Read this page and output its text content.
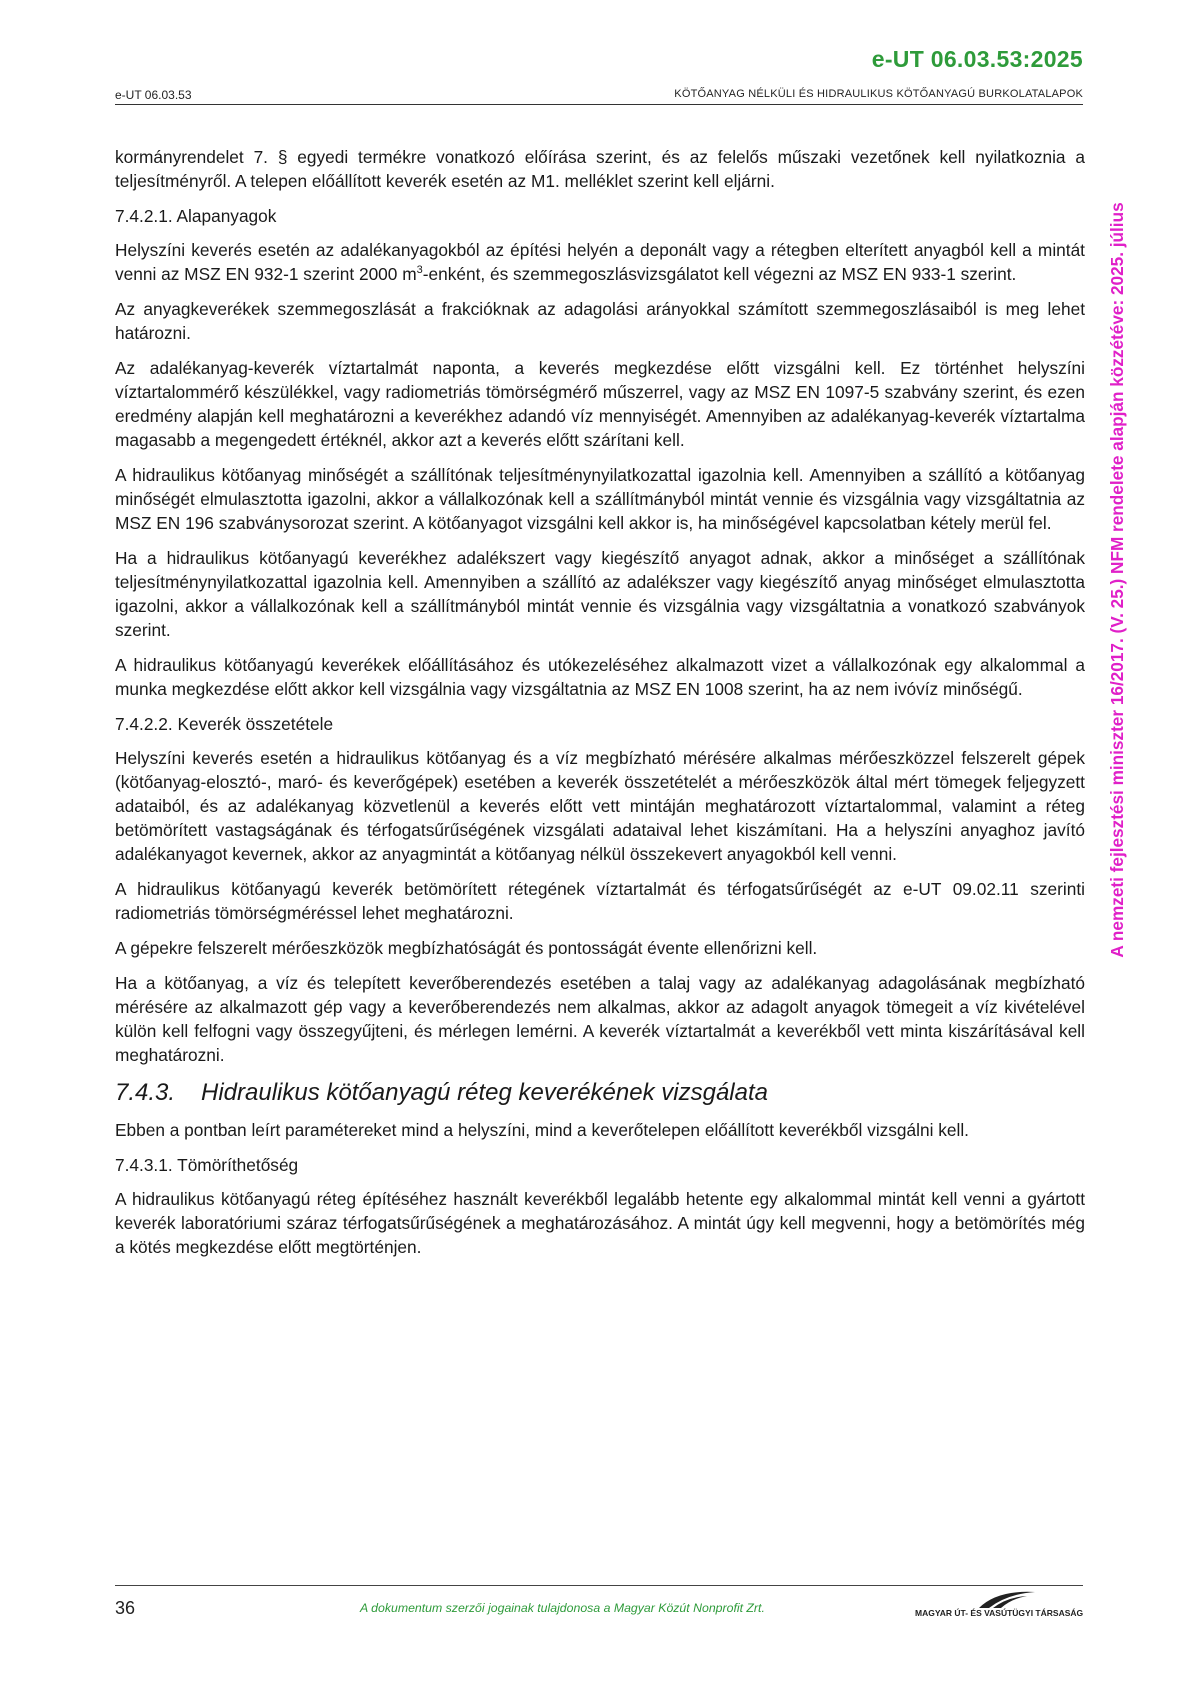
e-UT 06.03.53:2025
e-UT 06.03.53	KÖTŐANYAG NÉLKÜLI ÉS HIDRAULIKUS KÖTŐANYAGÚ BURKOLATALAPOK
A nemzeti fejlesztési miniszter 16/2017. (V. 25.) NFM rendelete alapján közzétéve: 2025. július

kormányrendelet 7. § egyedi termékre vonatkozó előírása szerint, és az felelős műszaki vezetőnek kell nyilatkoznia a teljesítményről. A telepen előállított keverék esetén az M1. melléklet szerint kell eljárni.

7.4.2.1. Alapanyagok

Helyszíni keverés esetén az adalékanyagokból az építési helyén a deponált vagy a rétegben elterített anyagból kell a mintát venni az MSZ EN 932-1 szerint 2000 $m^3$-enként, és szemmegoszlásvizsgálatot kell végezni az MSZ EN 933-1 szerint.

Az anyagkeverékek szemmegoszlását a frakcióknak az adagolási arányokkal számított szemmegoszlásaiból is meg lehet határozni.

Az adalékanyag-keverék víztartalmát naponta, a keverés megkezdése előtt vizsgálni kell. Ez történhet helyszíni víztartalommérő készülékkel, vagy radiometriás tömörségmérő műszerrel, vagy az MSZ EN 1097-5 szabvány szerint, és ezen eredmény alapján kell meghatározni a keverékhez adandó víz mennyiségét. Amennyiben az adalékanyag-keverék víztartalma magasabb a megengedett értéknél, akkor azt a keverés előtt szárítani kell.

A hidraulikus kötőanyag minőségét a szállítónak teljesítménynyilatkozattal igazolnia kell. Amennyiben a szállító a kötőanyag minőségét elmulasztotta igazolni, akkor a vállalkozónak kell a szállítmányból mintát vennie és vizsgálnia vagy vizsgáltatnia az MSZ EN 196 szabványsorozat szerint. A kötőanyagot vizsgálni kell akkor is, ha minőségével kapcsolatban kétely merül fel.

Ha a hidraulikus kötőanyagú keverékhez adalékszert vagy kiegészítő anyagot adnak, akkor a minőséget a szállítónak teljesítménynyilatkozattal igazolnia kell. Amennyiben a szállító az adalékszer vagy kiegészítő anyag minőséget elmulasztotta igazolni, akkor a vállalkozónak kell a szállítmányból mintát vennie és vizsgálnia vagy vizsgáltatnia a vonatkozó szabványok szerint.

A hidraulikus kötőanyagú keverékek előállításához és utókezeléséhez alkalmazott vizet a vállalkozónak egy alkalommal a munka megkezdése előtt akkor kell vizsgálnia vagy vizsgáltatnia az MSZ EN 1008 szerint, ha az nem ivóvíz minőségű.

7.4.2.2. Keverék összetétele

Helyszíni keverés esetén a hidraulikus kötőanyag és a víz megbízható mérésére alkalmas mérőeszközzel felszerelt gépek (kötőanyag-elosztó-, maró- és keverőgépek) esetében a keverék összetételét a mérőeszközök által mért tömegek feljegyzett adataiból, és az adalékanyag közvetlenül a keverés előtt vett mintáján meghatározott víztartalommal, valamint a réteg betömörített vastagságának és térfogatsűrűségének vizsgálati adataival lehet kiszámítani. Ha a helyszíni anyaghoz javító adalékanyagot kevernek, akkor az anyagmintát a kötőanyag nélkül összekevert anyagokból kell venni.

A hidraulikus kötőanyagú keverék betömörített rétegének víztartalmát és térfogatsűrűségét az e-UT 09.02.11 szerinti radiometriás tömörségméréssel lehet meghatározni.

A gépekre felszerelt mérőeszközök megbízhatóságát és pontosságát évente ellenőrizni kell.

Ha a kötőanyag, a víz és telepített keverőberendezés esetében a talaj vagy az adalékanyag adagolásának megbízható mérésére az alkalmazott gép vagy a keverőberendezés nem alkalmas, akkor az adagolt anyagok tömegeit a víz kivételével külön kell felfogni vagy összegyűjteni, és mérlegen lemérni. A keverék víztartalmát a keverékből vett minta kiszárításával kell meghatározni.

7.4.3. Hidraulikus kötőanyagú réteg keverékének vizsgálata

Ebben a pontban leírt paramétereket mind a helyszíni, mind a keverőtelepen előállított keverékből vizsgálni kell.

7.4.3.1. Tömöríthetőség

A hidraulikus kötőanyagú réteg építéséhez használt keverékből legalább hetente egy alkalommal mintát kell venni a gyártott keverék laboratóriumi száraz térfogatsűrűségének a meghatározásához. A mintát úgy kell megvenni, hogy a betömörítés még a kötés megkezdése előtt megtörténjen.

36	A dokumentum szerzői jogainak tulajdonosa a Magyar Közút Nonprofit Zrt.	MAGYAR ÚT- ÉS VASÚTÜGYI TÁRSASÁG
